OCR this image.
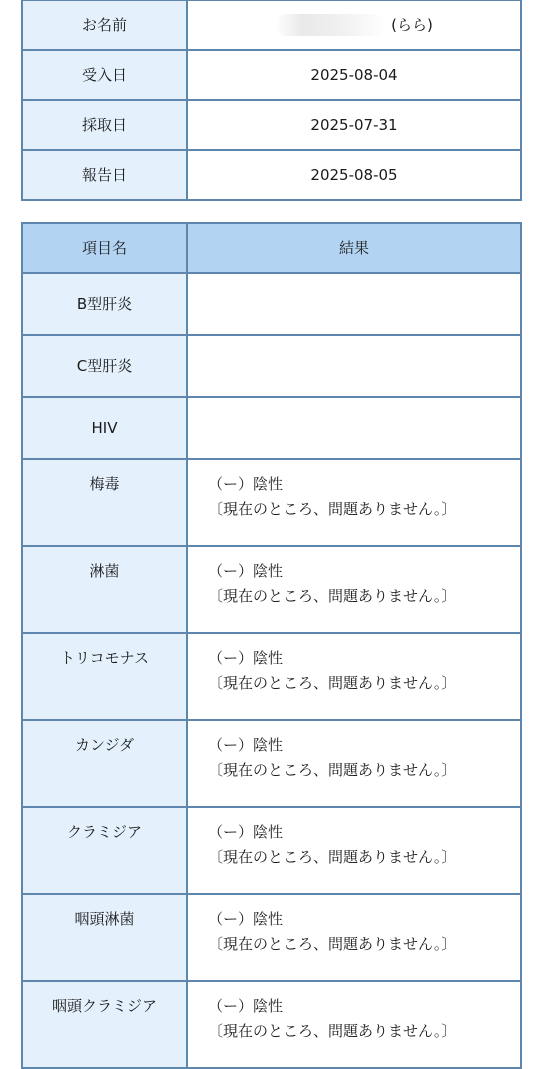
お名前	(らら)
受入日	2025-08-04
採取日	2025-07-31
報告日	2025-08-05
項目名	結果
B型肝炎	

C型肝炎	

HIV	

梅毒	（ー）陰性
〔現在のところ、問題ありません。〕

淋菌	（ー）陰性
〔現在のところ、問題ありません。〕

トリコモナス	（ー）陰性
〔現在のところ、問題ありません。〕

カンジダ	（ー）陰性
〔現在のところ、問題ありません。〕

クラミジア	（ー）陰性
〔現在のところ、問題ありません。〕

咽頭淋菌	（ー）陰性
〔現在のところ、問題ありません。〕

咽頭クラミジア	（ー）陰性
〔現在のところ、問題ありません。〕
